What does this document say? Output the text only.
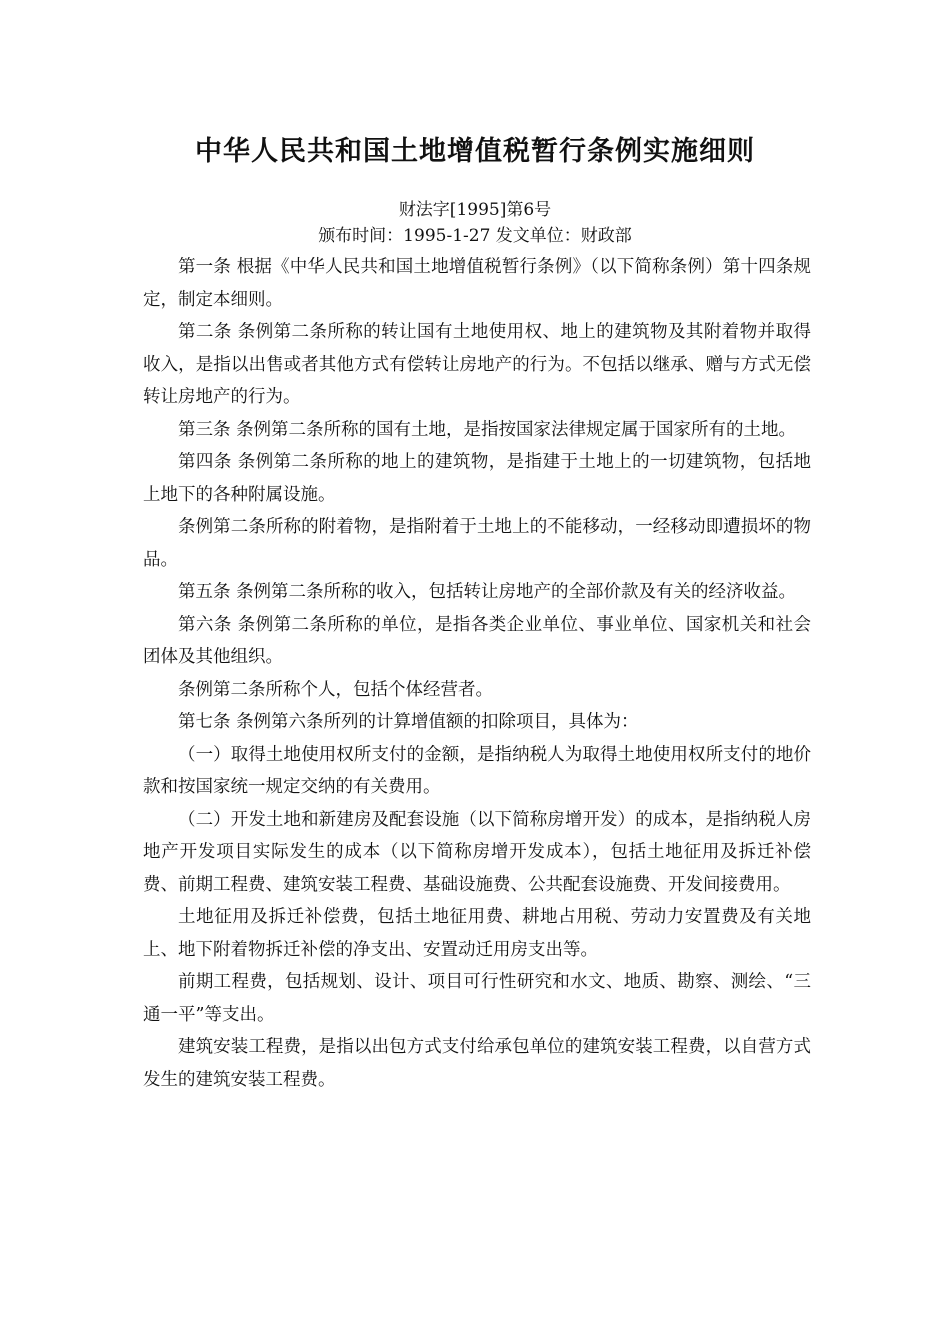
中华人民共和国土地增值税暂行条例实施细则
财法字[1995]第6号
颁布时间：1995-1-27 发文单位：财政部

第一条 根据《中华人民共和国土地增值税暂行条例》（以下简称条例）第十四条规定，制定本细则。

第二条 条例第二条所称的转让国有土地使用权、地上的建筑物及其附着物并取得收入，是指以出售或者其他方式有偿转让房地产的行为。不包括以继承、赠与方式无偿转让房地产的行为。

第三条 条例第二条所称的国有土地，是指按国家法律规定属于国家所有的土地。

第四条 条例第二条所称的地上的建筑物，是指建于土地上的一切建筑物，包括地上地下的各种附属设施。

条例第二条所称的附着物，是指附着于土地上的不能移动，一经移动即遭损坏的物品。

第五条 条例第二条所称的收入，包括转让房地产的全部价款及有关的经济收益。

第六条 条例第二条所称的单位，是指各类企业单位、事业单位、国家机关和社会团体及其他组织。

条例第二条所称个人，包括个体经营者。

第七条 条例第六条所列的计算增值额的扣除项目，具体为：

（一）取得土地使用权所支付的金额，是指纳税人为取得土地使用权所支付的地价款和按国家统一规定交纳的有关费用。

（二）开发土地和新建房及配套设施（以下简称房增开发）的成本，是指纳税人房地产开发项目实际发生的成本（以下简称房增开发成本），包括土地征用及拆迁补偿费、前期工程费、建筑安装工程费、基础设施费、公共配套设施费、开发间接费用。

土地征用及拆迁补偿费，包括土地征用费、耕地占用税、劳动力安置费及有关地上、地下附着物拆迁补偿的净支出、安置动迁用房支出等。

前期工程费，包括规划、设计、项目可行性研究和水文、地质、勘察、测绘、“三通一平”等支出。

建筑安装工程费，是指以出包方式支付给承包单位的建筑安装工程费，以自营方式发生的建筑安装工程费。
